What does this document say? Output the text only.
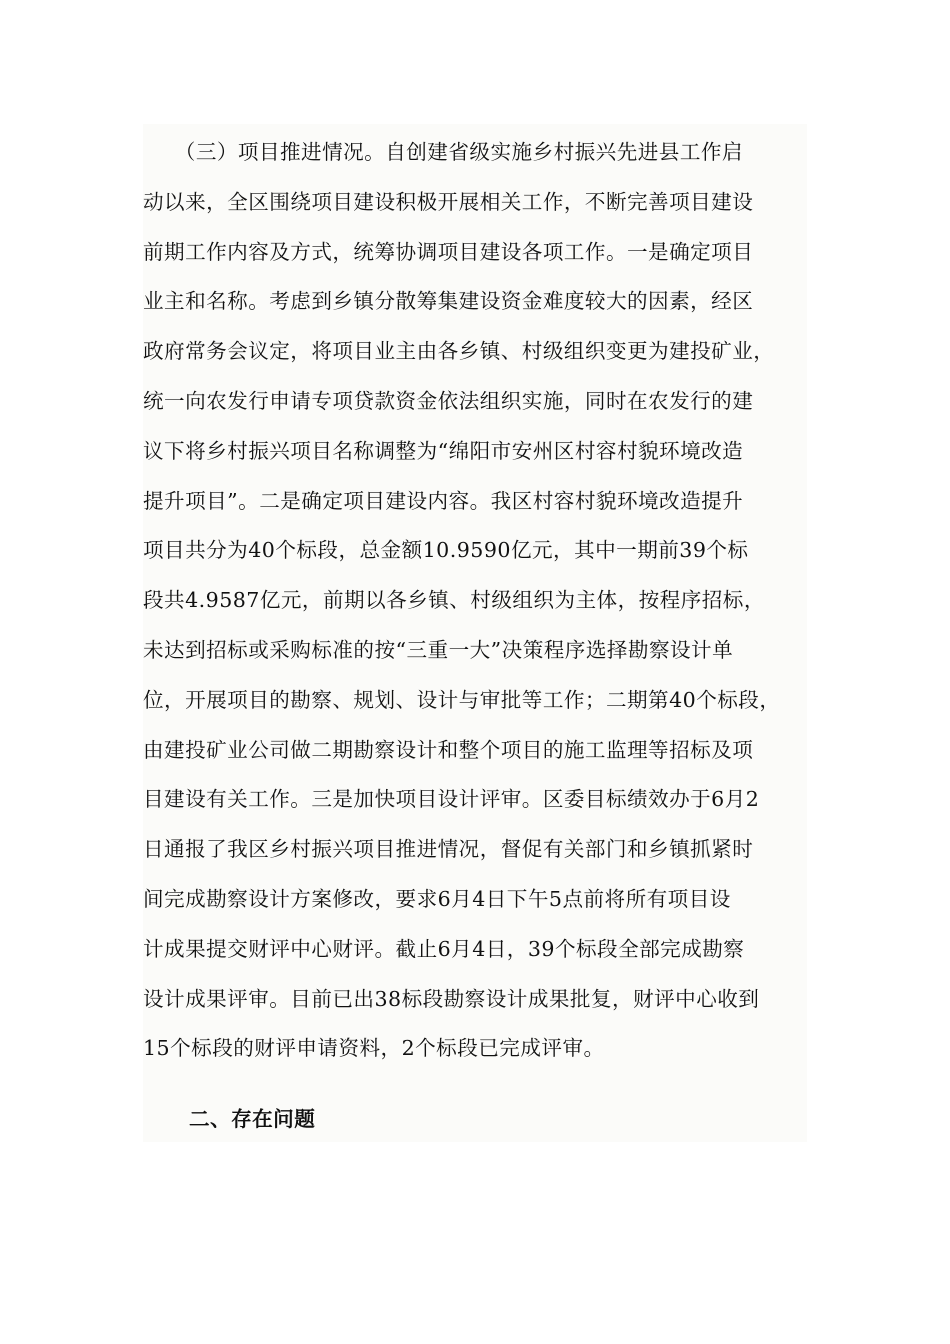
　　（三）项目推进情况。自创建省级实施乡村振兴先进县工作启
动以来，全区围绕项目建设积极开展相关工作，不断完善项目建设
前期工作内容及方式，统筹协调项目建设各项工作。一是确定项目
业主和名称。考虑到乡镇分散筹集建设资金难度较大的因素，经区
政府常务会议定，将项目业主由各乡镇、村级组织变更为建投矿业，
统一向农发行申请专项贷款资金依法组织实施，同时在农发行的建
议下将乡村振兴项目名称调整为“绵阳市安州区村容村貌环境改造
提升项目”。二是确定项目建设内容。我区村容村貌环境改造提升
项目共分为40个标段，总金额10.9590亿元，其中一期前39个标
段共4.9587亿元，前期以各乡镇、村级组织为主体，按程序招标，
未达到招标或采购标准的按“三重一大”决策程序选择勘察设计单
位，开展项目的勘察、规划、设计与审批等工作；二期第40个标段，
由建投矿业公司做二期勘察设计和整个项目的施工监理等招标及项
目建设有关工作。三是加快项目设计评审。区委目标绩效办于6月2
日通报了我区乡村振兴项目推进情况，督促有关部门和乡镇抓紧时
间完成勘察设计方案修改，要求6月4日下午5点前将所有项目设
计成果提交财评中心财评。截止6月4日，39个标段全部完成勘察
设计成果评审。目前已出38标段勘察设计成果批复，财评中心收到
15个标段的财评申请资料，2个标段已完成评审。

二、存在问题
